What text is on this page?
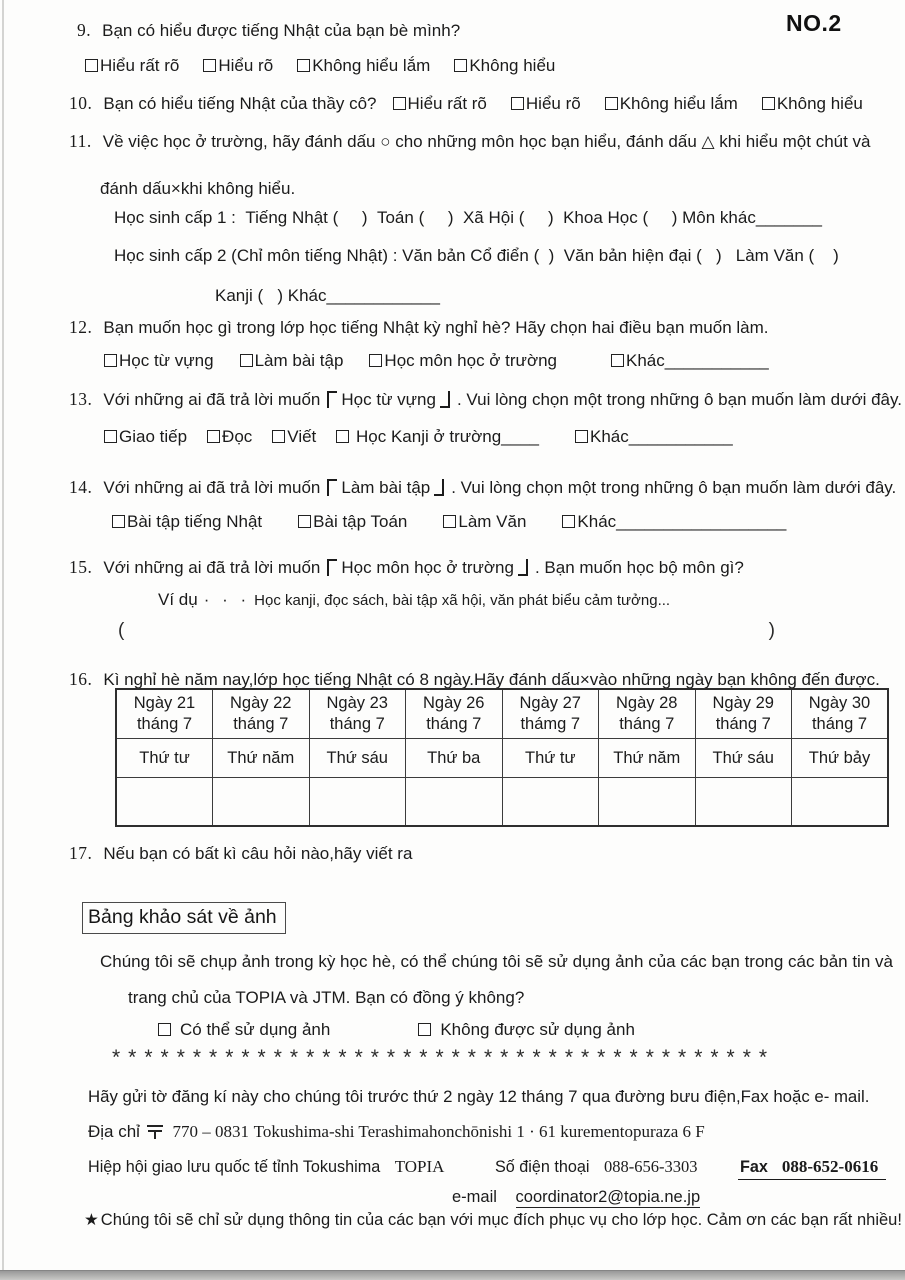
NO.2
9. Bạn có hiểu được tiếng Nhật của bạn bè mình?
Hiểu rất rõ	Hiểu rõ	Không hiểu lắm	Không hiểu
10. Bạn có hiểu tiếng Nhật của thầy cô? Hiểu rất rõ Hiểu rõ Không hiểu lắm Không hiểu
11. Về việc học ở trường, hãy đánh dấu ○ cho những môn học bạn hiểu, đánh dấu △ khi hiểu một chút và
đánh dấu×khi không hiểu.
Học sinh cấp 1 :  Tiếng Nhật (     )  Toán (     )  Xã Hội (     )  Khoa Học (     ) Môn khác_______
Học sinh cấp 2 (Chỉ môn tiếng Nhật) : Văn bản Cổ điển (  )  Văn bản hiện đại (   )   Làm Văn (    )
Kanji (   ) Khác____________
12. Bạn muốn học gì trong lớp học tiếng Nhật kỳ nghỉ hè? Hãy chọn hai điều bạn muốn làm.
Học từ vựng	Làm bài tập	Học môn học ở trường	Khác___________
13. Với những ai đã trả lời muốn Học từ vựng . Vui lòng chọn một trong những ô bạn muốn làm dưới đây.
Giao tiếp	Đọc	Viết	Học Kanji ở trường____	Khác___________
14. Với những ai đã trả lời muốn Làm bài tập . Vui lòng chọn một trong những ô bạn muốn làm dưới đây.
Bài tập tiếng Nhật	Bài tập Toán	Làm Văn	Khác__________________
15. Với những ai đã trả lời muốn Học môn học ở trường . Bạn muốn học bộ môn gì?
Ví dụ · · · Học kanji, đọc sách, bài tập xã hội, văn phát biểu cảm tưởng...
(	)
16. Kì nghỉ hè năm nay,lớp học tiếng Nhật có 8 ngày.Hãy đánh dấu×vào những ngày bạn không đến được.
Ngày 21
tháng 7	Ngày 22
tháng 7	Ngày 23
tháng 7	Ngày 26
tháng 7	Ngày 27
thámg 7	Ngày 28
tháng 7	Ngày 29
tháng 7	Ngày 30
tháng 7

Thứ tư	Thứ năm	Thứ sáu	Thứ ba	Thứ tư	Thứ năm	Thứ sáu	Thứ bảy

17. Nếu bạn có bất kì câu hỏi nào,hãy viết ra
Bảng khảo sát về ảnh
Chúng tôi sẽ chụp ảnh trong kỳ học hè, có thể chúng tôi sẽ sử dụng ảnh của các bạn trong các bản tin và
trang chủ của TOPIA và JTM. Bạn có đồng ý không?
Có thể sử dụng ảnh	Không được sử dụng ảnh
*****************************************
Hãy gửi tờ đăng kí này cho chúng tôi trước thứ 2 ngày 12 tháng 7 qua đường bưu điện,Fax hoặc e- mail.
Địa chỉ 770 – 0831 Tokushima-shi Terashimahonchōnishi 1 · 61 kurementopuraza 6 F
Hiệp hội giao lưu quốc tế tỉnh Tokushima TOPIA	Số điện thoại 088-656-3303	Fax 088-652-0616
e-mail coordinator2@topia.ne.jp
★ Chúng tôi sẽ chỉ sử dụng thông tin của các bạn với mục đích phục vụ cho lớp học. Cảm ơn các bạn rất nhiều!
